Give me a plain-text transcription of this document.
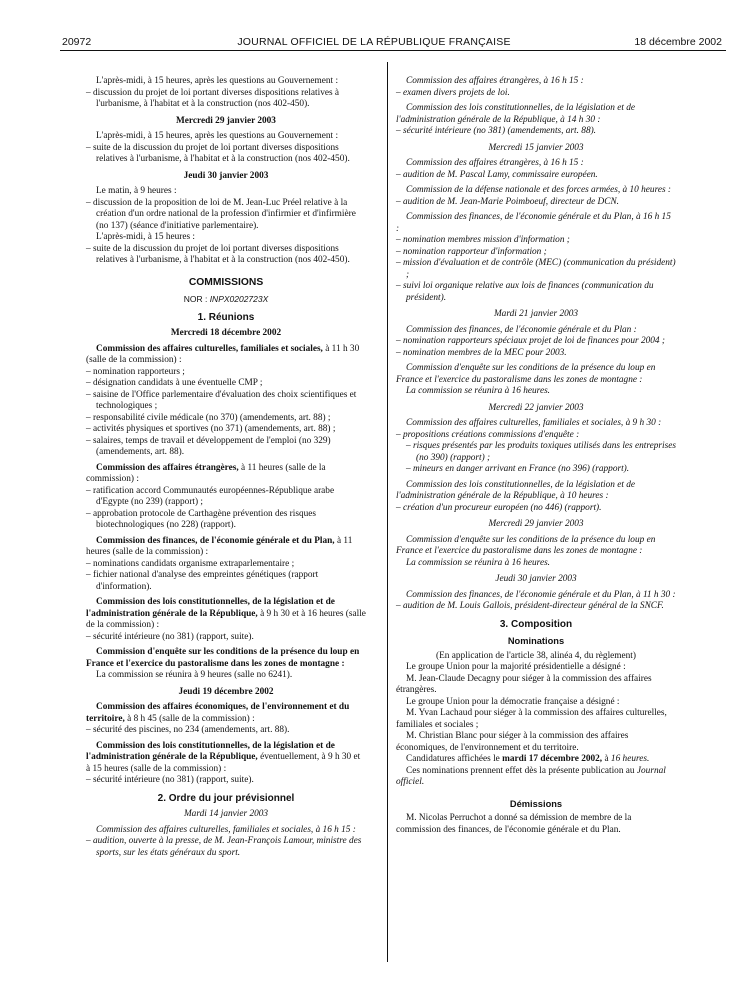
20972	JOURNAL OFFICIEL DE LA RÉPUBLIQUE FRANÇAISE	18 décembre 2002

L'après-midi, à 15 heures, après les questions au Gouvernement :

– discussion du projet de loi portant diverses dispositions relatives à l'urbanisme, à l'habitat et à la construction (nos 402-450).

Mercredi 29 janvier 2003

L'après-midi, à 15 heures, après les questions au Gouvernement :

– suite de la discussion du projet de loi portant diverses dispositions relatives à l'urbanisme, à l'habitat et à la construction (nos 402-450).

Jeudi 30 janvier 2003

Le matin, à 9 heures :

– discussion de la proposition de loi de M. Jean-Luc Préel relative à la création d'un ordre national de la profession d'infirmier et d'infirmière (no 137) (séance d'initiative parlementaire).

L'après-midi, à 15 heures :

– suite de la discussion du projet de loi portant diverses dispositions relatives à l'urbanisme, à l'habitat et à la construction (nos 402-450).

COMMISSIONS

NOR : INPX0202723X

1. Réunions

Mercredi 18 décembre 2002

Commission des affaires culturelles, familiales et sociales, à 11 h 30 (salle de la commission) :

– nomination rapporteurs ;

– désignation candidats à une éventuelle CMP ;

– saisine de l'Office parlementaire d'évaluation des choix scientifiques et technologiques ;

– responsabilité civile médicale (no 370) (amendements, art. 88) ;

– activités physiques et sportives (no 371) (amendements, art. 88) ;

– salaires, temps de travail et développement de l'emploi (no 329) (amendements, art. 88).

Commission des affaires étrangères, à 11 heures (salle de la commission) :

– ratification accord Communautés européennes-République arabe d'Egypte (no 239) (rapport) ;

– approbation protocole de Carthagène prévention des risques biotechnologiques (no 228) (rapport).

Commission des finances, de l'économie générale et du Plan, à 11 heures (salle de la commission) :

– nominations candidats organisme extraparlementaire ;

– fichier national d'analyse des empreintes génétiques (rapport d'information).

Commission des lois constitutionnelles, de la législation et de l'administration générale de la République, à 9 h 30 et à 16 heures (salle de la commission) :

– sécurité intérieure (no 381) (rapport, suite).

Commission d'enquête sur les conditions de la présence du loup en France et l'exercice du pastoralisme dans les zones de montagne :

La commission se réunira à 9 heures (salle no 6241).

Jeudi 19 décembre 2002

Commission des affaires économiques, de l'environnement et du territoire, à 8 h 45 (salle de la commission) :

– sécurité des piscines, no 234 (amendements, art. 88).

Commission des lois constitutionnelles, de la législation et de l'administration générale de la République, éventuellement, à 9 h 30 et à 15 heures (salle de la commission) :

– sécurité intérieure (no 381) (rapport, suite).

2. Ordre du jour prévisionnel

Mardi 14 janvier 2003

Commission des affaires culturelles, familiales et sociales, à 16 h 15 :

– audition, ouverte à la presse, de M. Jean-François Lamour, ministre des sports, sur les états généraux du sport.

Commission des affaires étrangères, à 16 h 15 :

– examen divers projets de loi.

Commission des lois constitutionnelles, de la législation et de l'administration générale de la République, à 14 h 30 :

– sécurité intérieure (no 381) (amendements, art. 88).

Mercredi 15 janvier 2003

Commission des affaires étrangères, à 16 h 15 :

– audition de M. Pascal Lamy, commissaire européen.

Commission de la défense nationale et des forces armées, à 10 heures :

– audition de M. Jean-Marie Poimboeuf, directeur de DCN.

Commission des finances, de l'économie générale et du Plan, à 16 h 15 :

– nomination membres mission d'information ;

– nomination rapporteur d'information ;

– mission d'évaluation et de contrôle (MEC) (communication du président) ;

– suivi loi organique relative aux lois de finances (communication du président).

Mardi 21 janvier 2003

Commission des finances, de l'économie générale et du Plan :

– nomination rapporteurs spéciaux projet de loi de finances pour 2004 ;

– nomination membres de la MEC pour 2003.

Commission d'enquête sur les conditions de la présence du loup en France et l'exercice du pastoralisme dans les zones de montagne :

La commission se réunira à 16 heures.

Mercredi 22 janvier 2003

Commission des affaires culturelles, familiales et sociales, à 9 h 30 :

– propositions créations commissions d'enquête :

– risques présentés par les produits toxiques utilisés dans les entreprises (no 390) (rapport) ;

– mineurs en danger arrivant en France (no 396) (rapport).

Commission des lois constitutionnelles, de la législation et de l'administration générale de la République, à 10 heures :

– création d'un procureur européen (no 446) (rapport).

Mercredi 29 janvier 2003

Commission d'enquête sur les conditions de la présence du loup en France et l'exercice du pastoralisme dans les zones de montagne :

La commission se réunira à 16 heures.

Jeudi 30 janvier 2003

Commission des finances, de l'économie générale et du Plan, à 11 h 30 :

– audition de M. Louis Gallois, président-directeur général de la SNCF.

3. Composition

Nominations

(En application de l'article 38, alinéa 4, du règlement)

Le groupe Union pour la majorité présidentielle a désigné :

M. Jean-Claude Decagny pour siéger à la commission des affaires étrangères.

Le groupe Union pour la démocratie française a désigné :

M. Yvan Lachaud pour siéger à la commission des affaires culturelles, familiales et sociales ;

M. Christian Blanc pour siéger à la commission des affaires économiques, de l'environnement et du territoire.

Candidatures affichées le mardi 17 décembre 2002, à 16 heures.

Ces nominations prennent effet dès la présente publication au Journal officiel.

Démissions

M. Nicolas Perruchot a donné sa démission de membre de la commission des finances, de l'économie générale et du Plan.
